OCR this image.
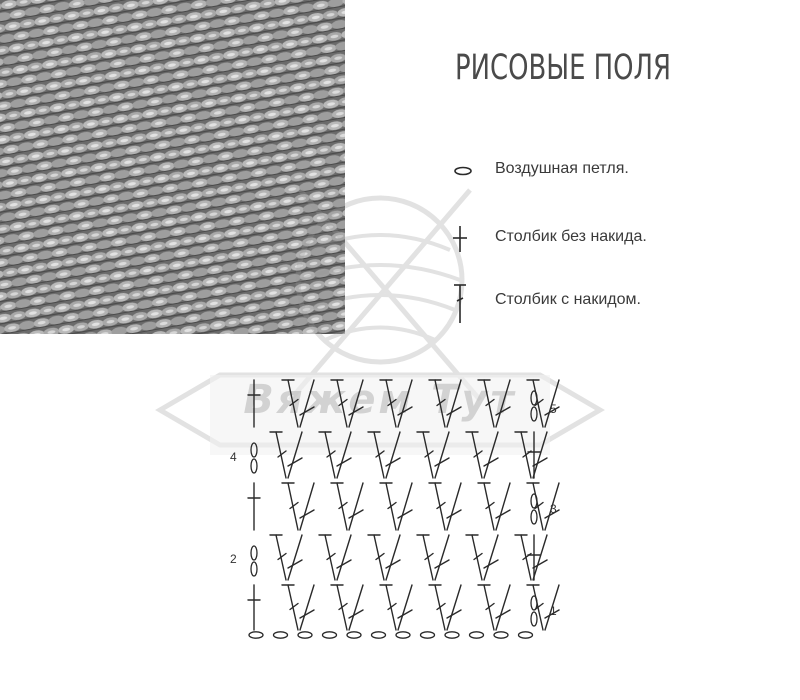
Вяжем Тут
РИСОВЫЕ ПОЛЯ
Воздушная петля.
Столбик без накида.
Столбик с накидом.
1
2
3
4
5
